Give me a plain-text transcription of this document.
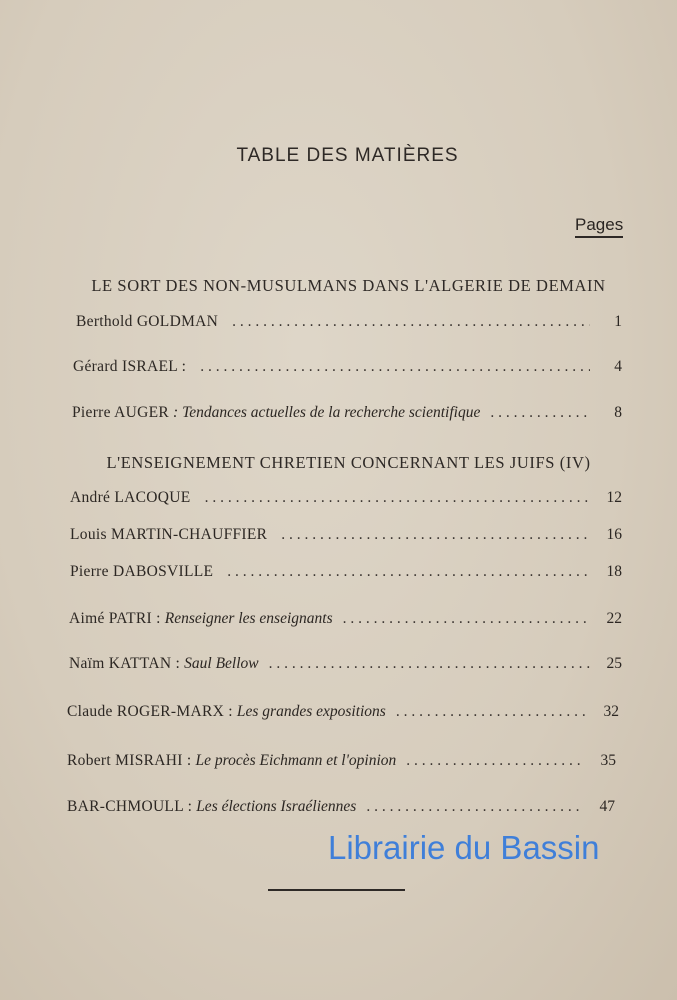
TABLE DES MATIÈRES
Pages
LE SORT DES NON-MUSULMANS DANS L'ALGERIE DE DEMAIN
Berthold GOLDMAN . . .	1
Gérard ISRAEL : . . .	4
Pierre AUGER : Tendances actuelles de la recherche scientifique . . .	8
L'ENSEIGNEMENT CHRETIEN CONCERNANT LES JUIFS (IV)
André LACOQUE . . .	12
Louis MARTIN-CHAUFFIER . . .	16
Pierre DABOSVILLE . . .	18
Aimé PATRI : Renseigner les enseignants . . .	22
Naïm KATTAN : Saul Bellow . . .	25
Claude ROGER-MARX : Les grandes expositions . . .	32
Robert MISRAHI : Le procès Eichmann et l'opinion . . .	35
BAR-CHMOULL : Les élections Israéliennes . . .	47
Librairie du Bassin
